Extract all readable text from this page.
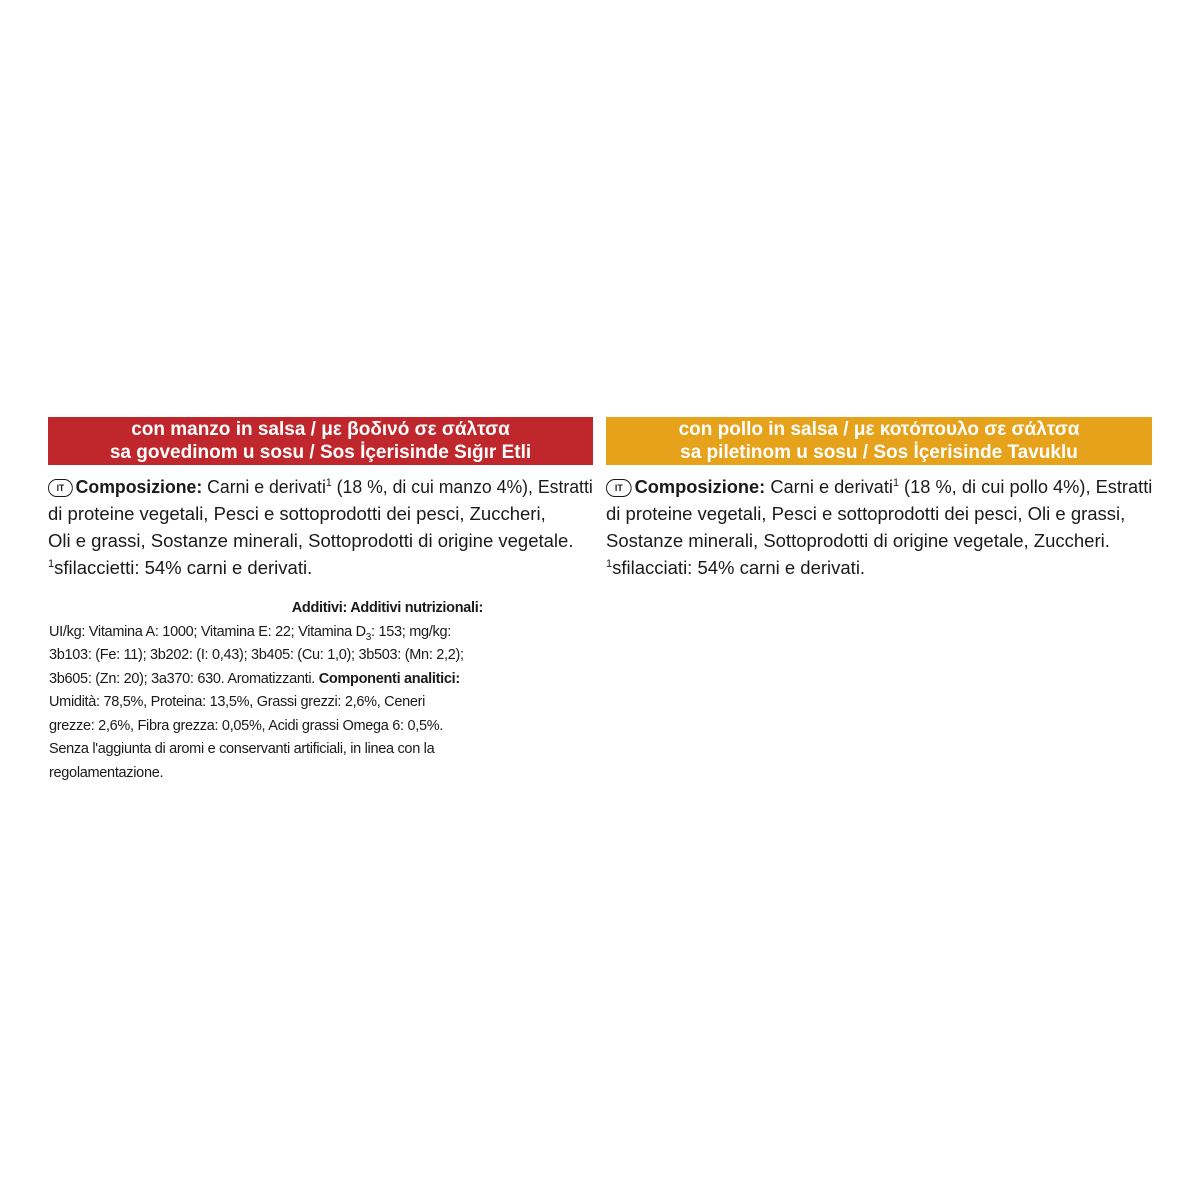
con manzo in salsa / με βοδινό σε σάλτσα
sa govedinom u sosu / Sos İçerisinde Sığır Etli

IT Composizione: Carni e derivati$^1$ (18 %, di cui manzo 4%), Estratti

di proteine vegetali, Pesci e sottoprodotti dei pesci, Zuccheri,

Oli e grassi, Sostanze minerali, Sottoprodotti di origine vegetale.

$^1$sfilaccietti: 54% carni e derivati.

con pollo in salsa / με κοτόπουλο σε σάλτσα
sa piletinom u sosu / Sos İçerisinde Tavuklu

IT Composizione: Carni e derivati$^1$ (18 %, di cui pollo 4%), Estratti

di proteine vegetali, Pesci e sottoprodotti dei pesci, Oli e grassi,

Sostanze minerali, Sottoprodotti di origine vegetale, Zuccheri.

$^1$sfilacciati: 54% carni e derivati.

Additivi: Additivi nutrizionali:

UI/kg: Vitamina A: 1000; Vitamina E: 22; Vitamina $D_3$: 153; mg/kg:

3b103: (Fe: 11); 3b202: (I: 0,43); 3b405: (Cu: 1,0); 3b503: (Mn: 2,2);

3b605: (Zn: 20); 3a370: 630. Aromatizzanti. Componenti analitici:

Umidità: 78,5%, Proteina: 13,5%, Grassi grezzi: 2,6%, Ceneri

grezze: 2,6%, Fibra grezza: 0,05%, Acidi grassi Omega 6: 0,5%.

Senza l'aggiunta di aromi e conservanti artificiali, in linea con la

regolamentazione.
